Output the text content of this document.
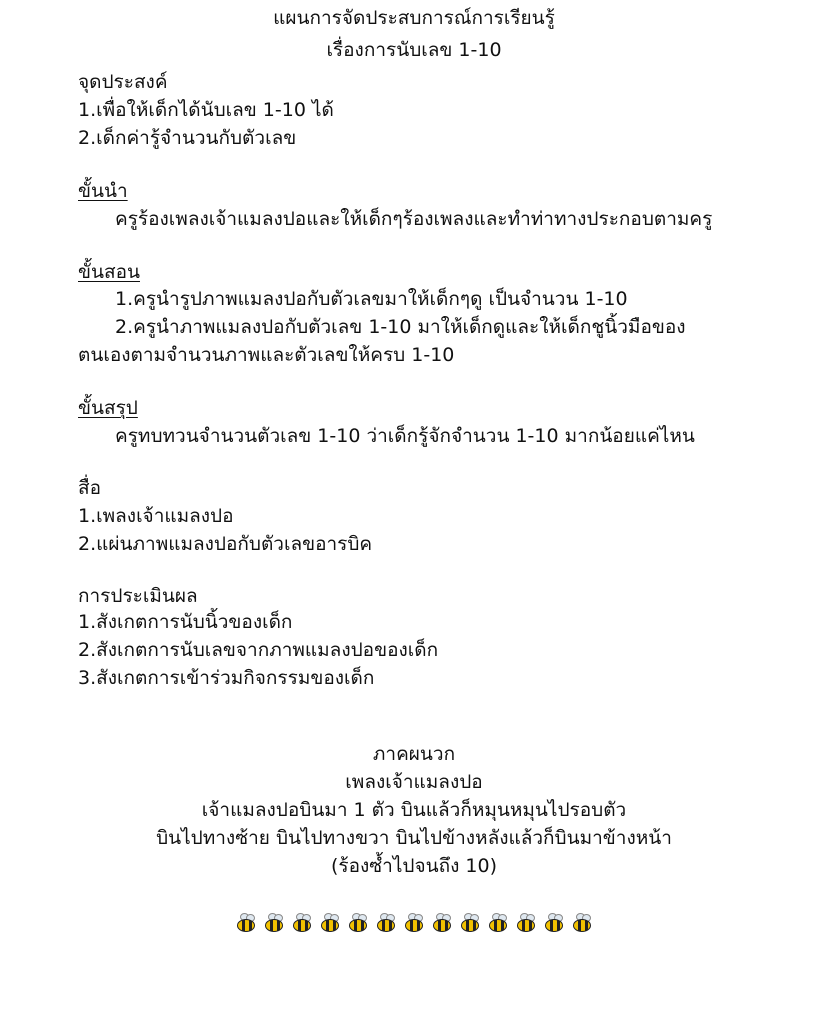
แผนการจัดประสบการณ์การเรียนรู้
เรื่องการนับเลข 1-10
จุดประสงค์
1.เพื่อให้เด็กได้นับเลข 1-10 ได้
2.เด็กค่ารู้จำนวนกับตัวเลข
ขั้นนำ
ครูร้องเพลงเจ้าแมลงปอและให้เด็กๆร้องเพลงและทำท่าทางประกอบตามครู
ขั้นสอน
1.ครูนำรูปภาพแมลงปอกับตัวเลขมาให้เด็กๆดู เป็นจำนวน 1-10
2.ครูนำภาพแมลงปอกับตัวเลข 1-10 มาให้เด็กดูและให้เด็กชูนิ้วมือของ
ตนเองตามจำนวนภาพและตัวเลขให้ครบ 1-10
ขั้นสรุป
ครูทบทวนจำนวนตัวเลข 1-10 ว่าเด็กรู้จักจำนวน 1-10 มากน้อยแค่ไหน
สื่อ
1.เพลงเจ้าแมลงปอ
2.แผ่นภาพแมลงปอกับตัวเลขอารบิค
การประเมินผล
1.สังเกตการนับนิ้วของเด็ก
2.สังเกตการนับเลขจากภาพแมลงปอของเด็ก
3.สังเกตการเข้าร่วมกิจกรรมของเด็ก
ภาคผนวก
เพลงเจ้าแมลงปอ
เจ้าแมลงปอบินมา 1 ตัว บินแล้วก็หมุนหมุนไปรอบตัว
บินไปทางซ้าย บินไปทางขวา บินไปข้างหลังแล้วก็บินมาข้างหน้า
(ร้องซ้ำไปจนถึง 10)
